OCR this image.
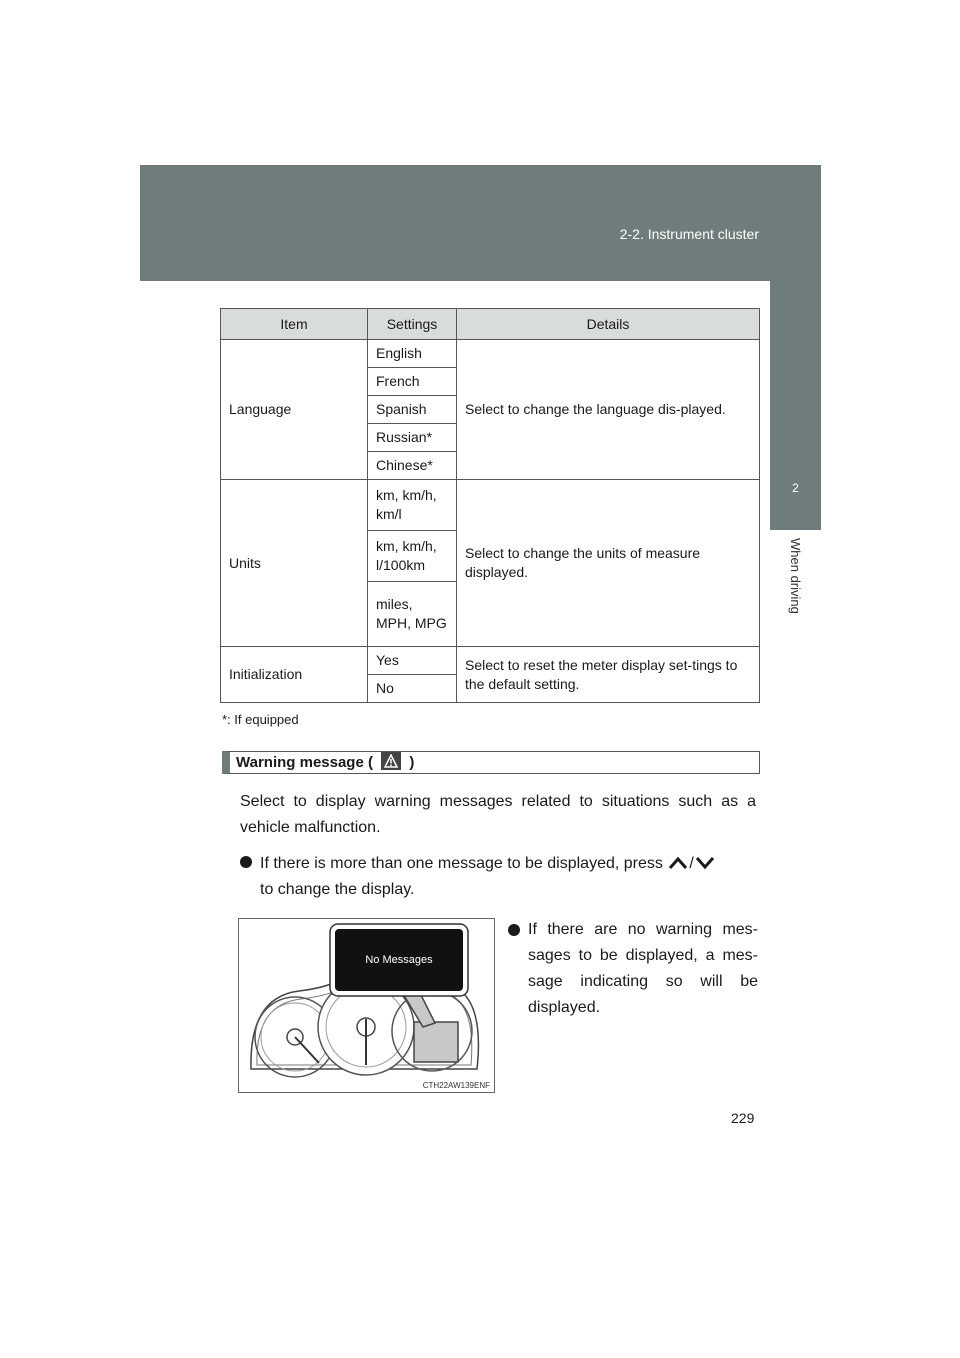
2-2. Instrument cluster
2
When driving
Item	Settings	Details
Language	English	Select to change the language dis-played.
	French	
	Spanish	
	Russian*	
	Chinese*	
Units	km, km/h, km/l	Select to change the units of measure displayed.
	km, km/h, l/100km	
	miles, MPH, MPG	
Initialization	Yes	Select to reset the meter display set-tings to the default setting.
	No	
*: If equipped
Warning message ( )
Select to display warning messages related to situations such as a vehicle malfunction.
If there is more than one message to be displayed, press /
to change the display.
No Messages
CTH22AW139ENF
If there are no warning mes-sages to be displayed, a mes-sage indicating so will be displayed.
229
